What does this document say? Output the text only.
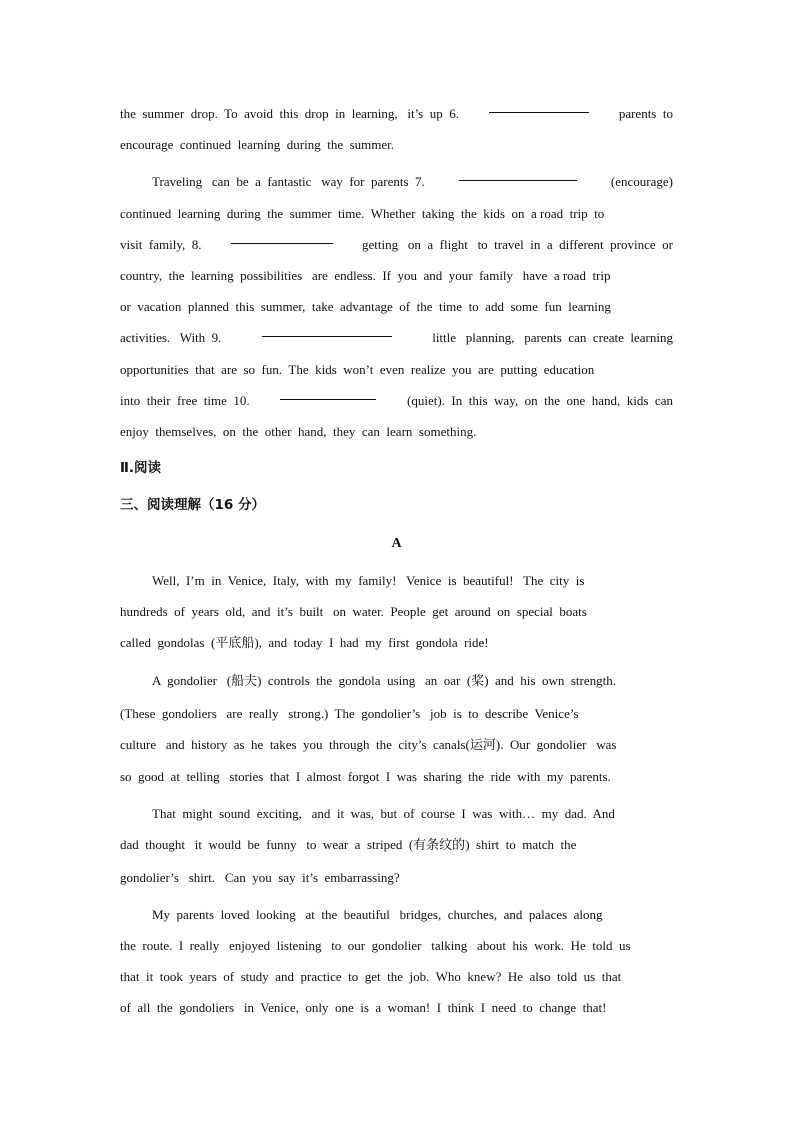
the  summer  drop.  To  avoid  this  drop  in  learning,   it’s  up  6.	parents  to
encourage  continued  learning  during  the  summer.
Traveling   can  be  a  fantastic   way  for  parents  7.	(encourage)
continued  learning  during  the  summer  time.  Whether  taking  the  kids  on  a road  trip  to
visit  family,  8.	getting   on  a  flight   to  travel  in  a  different  province  or
country,  the  learning  possibilities   are  endless.  If  you  and  your  family   have  a road  trip
or  vacation  planned  this  summer,  take  advantage  of  the  time  to  add  some  fun  learning
activities.   With  9.	little   planning,   parents  can  create  learning
opportunities  that  are  so  fun.  The  kids  won’t  even  realize  you  are  putting  education
into  their  free  time  10.	(quiet).  In  this  way,  on  the  one  hand,  kids  can
enjoy  themselves,  on  the  other  hand,  they  can  learn  something.
Ⅱ.阅读
三、阅读理解（16 分）
A
Well,  I’m  in  Venice,  Italy,  with  my  family!   Venice  is  beautiful!   The  city  is
hundreds  of  years  old,  and  it’s  built   on  water.  People  get  around  on  special  boats
called  gondolas  (平底船),  and  today  I  had  my  first  gondola  ride!
A  gondolier   (船夫)  controls  the  gondola  using   an  oar  (桨)  and  his  own  strength.
(These  gondoliers   are  really   strong.)  The  gondolier’s   job  is  to  describe  Venice’s
culture   and  history  as  he  takes  you  through  the  city’s  canals(运河).  Our  gondolier   was
so  good  at  telling   stories  that  I  almost  forgot  I  was  sharing  the  ride  with  my  parents.
That  might  sound  exciting,   and  it  was,  but  of  course  I  was  with…  my  dad.  And
dad  thought   it  would  be  funny   to  wear  a  striped  (有条纹的)  shirt  to  match  the
gondolier’s   shirt.   Can  you  say  it’s  embarrassing?
My  parents  loved  looking   at  the  beautiful   bridges,  churches,  and  palaces  along
the  route.  I  really   enjoyed  listening   to  our  gondolier   talking   about  his  work.  He  told  us
that  it  took  years  of  study  and  practice  to  get  the  job.  Who  knew?  He  also  told  us  that
of  all  the  gondoliers   in  Venice,  only  one  is  a  woman!  I  think  I  need  to  change  that!
